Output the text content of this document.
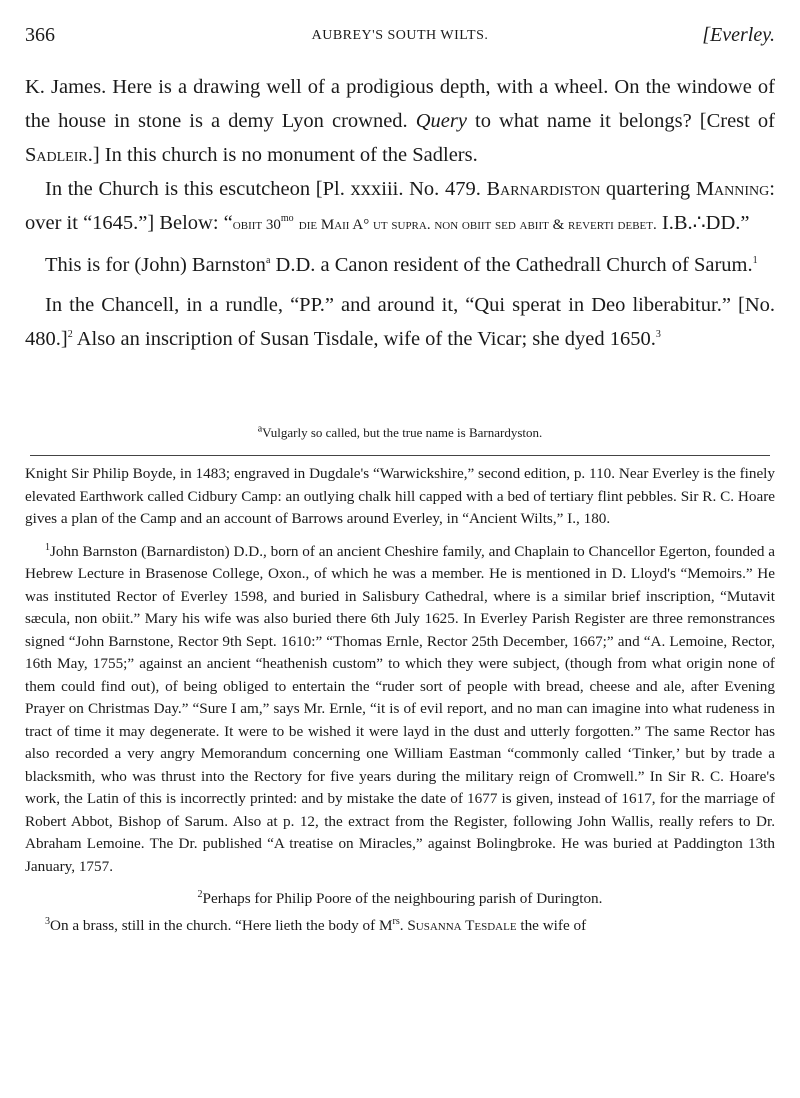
366	AUBREY'S SOUTH WILTS.	[Everley.

K. James. Here is a drawing well of a prodigious depth, with a wheel. On the windowe of the house in stone is a demy Lyon crowned. Query to what name it belongs? [Crest of Sadleir.] In this church is no monument of the Sadlers.

In the Church is this escutcheon [Pl. xxxiii. No. 479. Barnardiston quartering Manning: over it “1645.”] Below: “obiit $30^{mo}$ die Maii A° ut supra. non obiit sed abiit & reverti debet. I.B.∴DD.”

This is for (John) Barnston$^a$ D.D. a Canon resident of the Cathedrall Church of Sarum.$^1$

In the Chancell, in a rundle, “PP.” and around it, “Qui sperat in Deo liberabitur.” [No. 480.]$^2$ Also an inscription of Susan Tisdale, wife of the Vicar; she dyed 1650.$^3$

$^a$Vulgarly so called, but the true name is Barnardyston.

Knight Sir Philip Boyde, in 1483; engraved in Dugdale's “Warwickshire,” second edition, p. 110. Near Everley is the finely elevated Earthwork called Cidbury Camp: an outlying chalk hill capped with a bed of tertiary flint pebbles. Sir R. C. Hoare gives a plan of the Camp and an account of Barrows around Everley, in “Ancient Wilts,” I., 180.

$^1$John Barnston (Barnardiston) D.D., born of an ancient Cheshire family, and Chaplain to Chancellor Egerton, founded a Hebrew Lecture in Brasenose College, Oxon., of which he was a member. He is mentioned in D. Lloyd's “Memoirs.” He was instituted Rector of Everley 1598, and buried in Salisbury Cathedral, where is a similar brief inscription, “Mutavit sæcula, non obiit.” Mary his wife was also buried there 6th July 1625. In Everley Parish Register are three remonstrances signed “John Barnstone, Rector 9th Sept. 1610:” “Thomas Ernle, Rector 25th December, 1667;” and “A. Lemoine, Rector, 16th May, 1755;” against an ancient “heathenish custom” to which they were subject, (though from what origin none of them could find out), of being obliged to entertain the “ruder sort of people with bread, cheese and ale, after Evening Prayer on Christmas Day.” “Sure I am,” says Mr. Ernle, “it is of evil report, and no man can imagine into what rudeness in tract of time it may degenerate. It were to be wished it were layd in the dust and utterly forgotten.” The same Rector has also recorded a very angry Memorandum concerning one William Eastman “commonly called ‘Tinker,’ but by trade a blacksmith, who was thrust into the Rectory for five years during the military reign of Cromwell.” In Sir R. C. Hoare's work, the Latin of this is incorrectly printed: and by mistake the date of 1677 is given, instead of 1617, for the marriage of Robert Abbot, Bishop of Sarum. Also at p. 12, the extract from the Register, following John Wallis, really refers to Dr. Abraham Lemoine. The Dr. published “A treatise on Miracles,” against Bolingbroke. He was buried at Paddington 13th January, 1757.

$^2$Perhaps for Philip Poore of the neighbouring parish of Durington.

$^3$On a brass, still in the church. “Here lieth the body of $M^{rs}$. Susanna Tesdale the wife of
